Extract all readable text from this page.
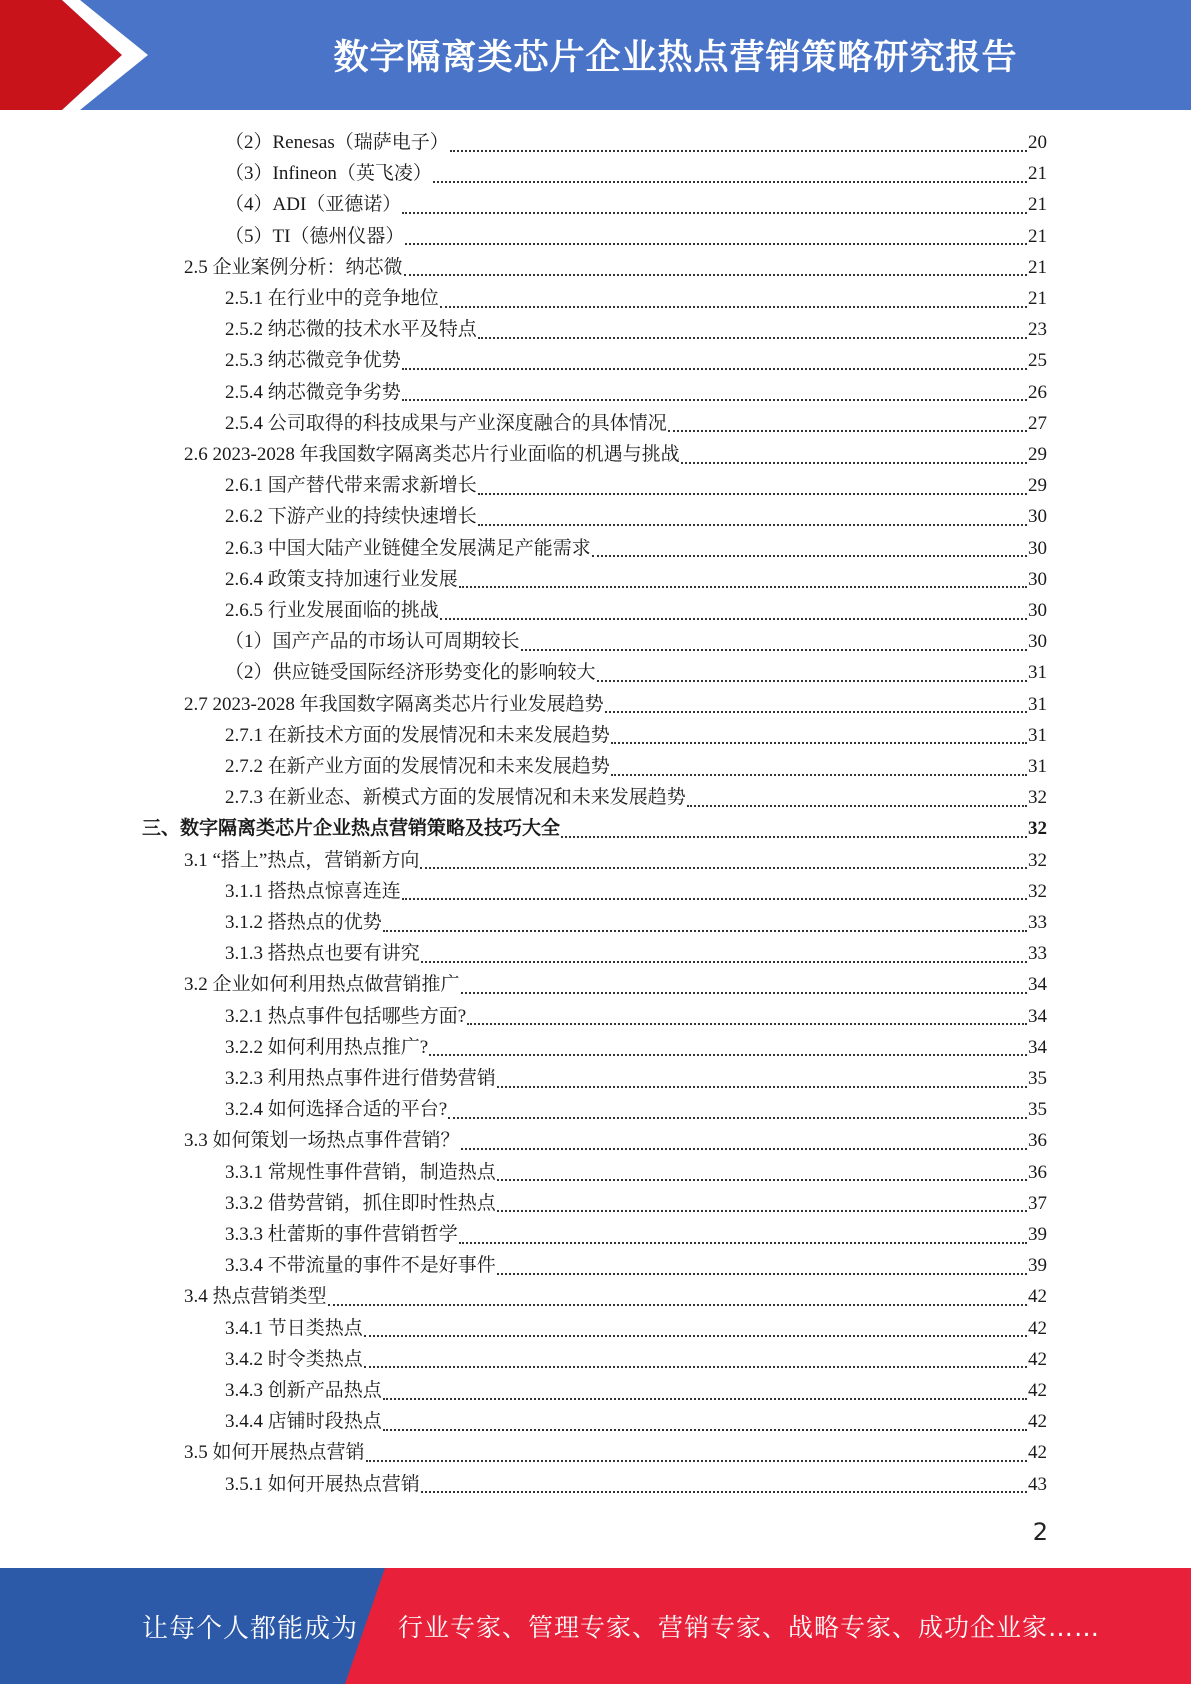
数字隔离类芯片企业热点营销策略研究报告
（2）Renesas（瑞萨电子）	20
（3）Infineon（英飞凌）	21
（4）ADI（亚德诺）	21
（5）TI（德州仪器）	21
2.5 企业案例分析：纳芯微	21
2.5.1 在行业中的竞争地位	21
2.5.2 纳芯微的技术水平及特点	23
2.5.3 纳芯微竞争优势	25
2.5.4 纳芯微竞争劣势	26
2.5.4 公司取得的科技成果与产业深度融合的具体情况	27
2.6 2023-2028 年我国数字隔离类芯片行业面临的机遇与挑战	29
2.6.1 国产替代带来需求新增长	29
2.6.2 下游产业的持续快速增长	30
2.6.3 中国大陆产业链健全发展满足产能需求	30
2.6.4 政策支持加速行业发展	30
2.6.5 行业发展面临的挑战	30
（1）国产产品的市场认可周期较长	30
（2）供应链受国际经济形势变化的影响较大	31
2.7 2023-2028 年我国数字隔离类芯片行业发展趋势	31
2.7.1 在新技术方面的发展情况和未来发展趋势	31
2.7.2 在新产业方面的发展情况和未来发展趋势	31
2.7.3 在新业态、新模式方面的发展情况和未来发展趋势	32
三、数字隔离类芯片企业热点营销策略及技巧大全	32
3.1 “搭上”热点，营销新方向	32
3.1.1 搭热点惊喜连连	32
3.1.2 搭热点的优势	33
3.1.3 搭热点也要有讲究	33
3.2 企业如何利用热点做营销推广	34
3.2.1 热点事件包括哪些方面?	34
3.2.2 如何利用热点推广?	34
3.2.3 利用热点事件进行借势营销	35
3.2.4 如何选择合适的平台?	35
3.3 如何策划一场热点事件营销？	36
3.3.1 常规性事件营销，制造热点	36
3.3.2 借势营销，抓住即时性热点	37
3.3.3 杜蕾斯的事件营销哲学	39
3.3.4 不带流量的事件不是好事件	39
3.4 热点营销类型	42
3.4.1 节日类热点	42
3.4.2 时令类热点	42
3.4.3 创新产品热点	42
3.4.4 店铺时段热点	42
3.5 如何开展热点营销	42
3.5.1 如何开展热点营销	43
2
让每个人都能成为 行业专家、管理专家、营销专家、战略专家、成功企业家……
